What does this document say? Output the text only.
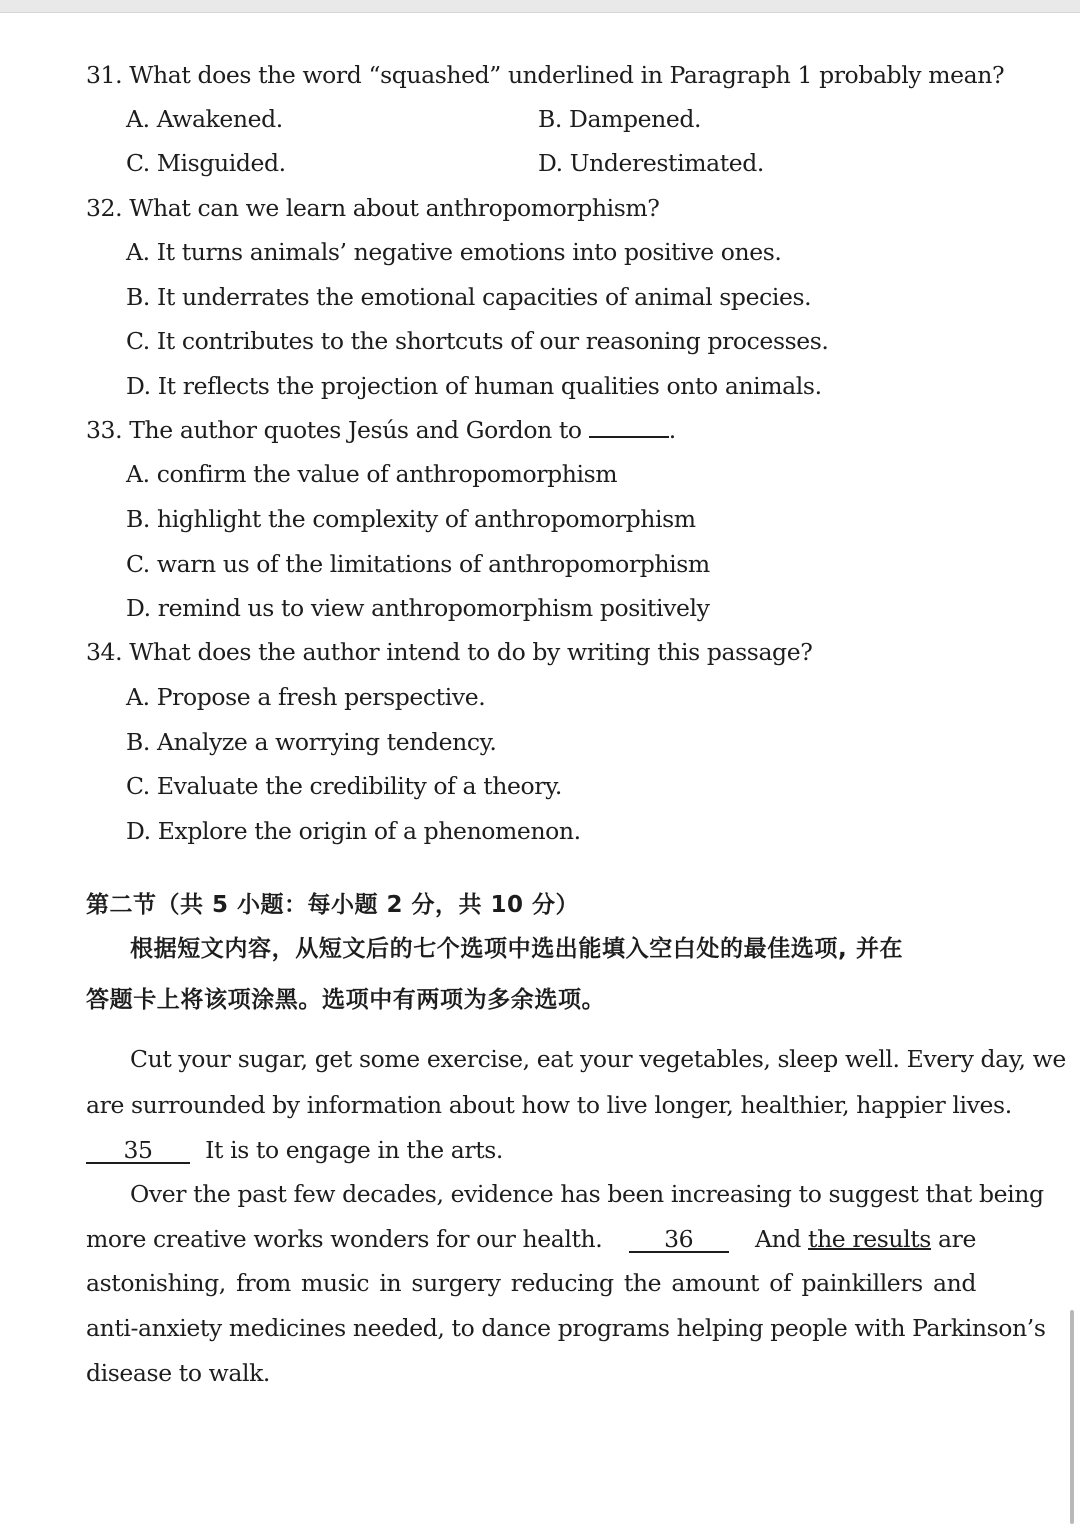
31. What does the word “squashed” underlined in Paragraph 1 probably mean?
A. Awakened.	B. Dampened.
C. Misguided.	D. Underestimated.
32. What can we learn about anthropomorphism?
A. It turns animals’ negative emotions into positive ones.
B. It underrates the emotional capacities of animal species.
C. It contributes to the shortcuts of our reasoning processes.
D. It reflects the projection of human qualities onto animals.
33. The author quotes Jesús and Gordon to	.
A. confirm the value of anthropomorphism
B. highlight the complexity of anthropomorphism
C. warn us of the limitations of anthropomorphism
D. remind us to view anthropomorphism positively
34. What does the author intend to do by writing this passage?
A. Propose a fresh perspective.
B. Analyze a worrying tendency.
C. Evaluate the credibility of a theory.
D. Explore the origin of a phenomenon.
第二节（共 5 小题：每小题 2 分，共 10 分）
根据短文内容，从短文后的七个选项中选出能填入空白处的最佳选项, 并在
答题卡上将该项涂黑。选项中有两项为多余选项。
Cut your sugar, get some exercise, eat your vegetables, sleep well. Every day, we
are surrounded by information about how to live longer, healthier, happier lives.
35 It is to engage in the arts.
Over the past few decades, evidence has been increasing to suggest that being
more creative works wonders for our health.	36	And the results are
astonishing, from music in surgery reducing the amount of painkillers and
anti-anxiety medicines needed, to dance programs helping people with Parkinson’s
disease to walk.
